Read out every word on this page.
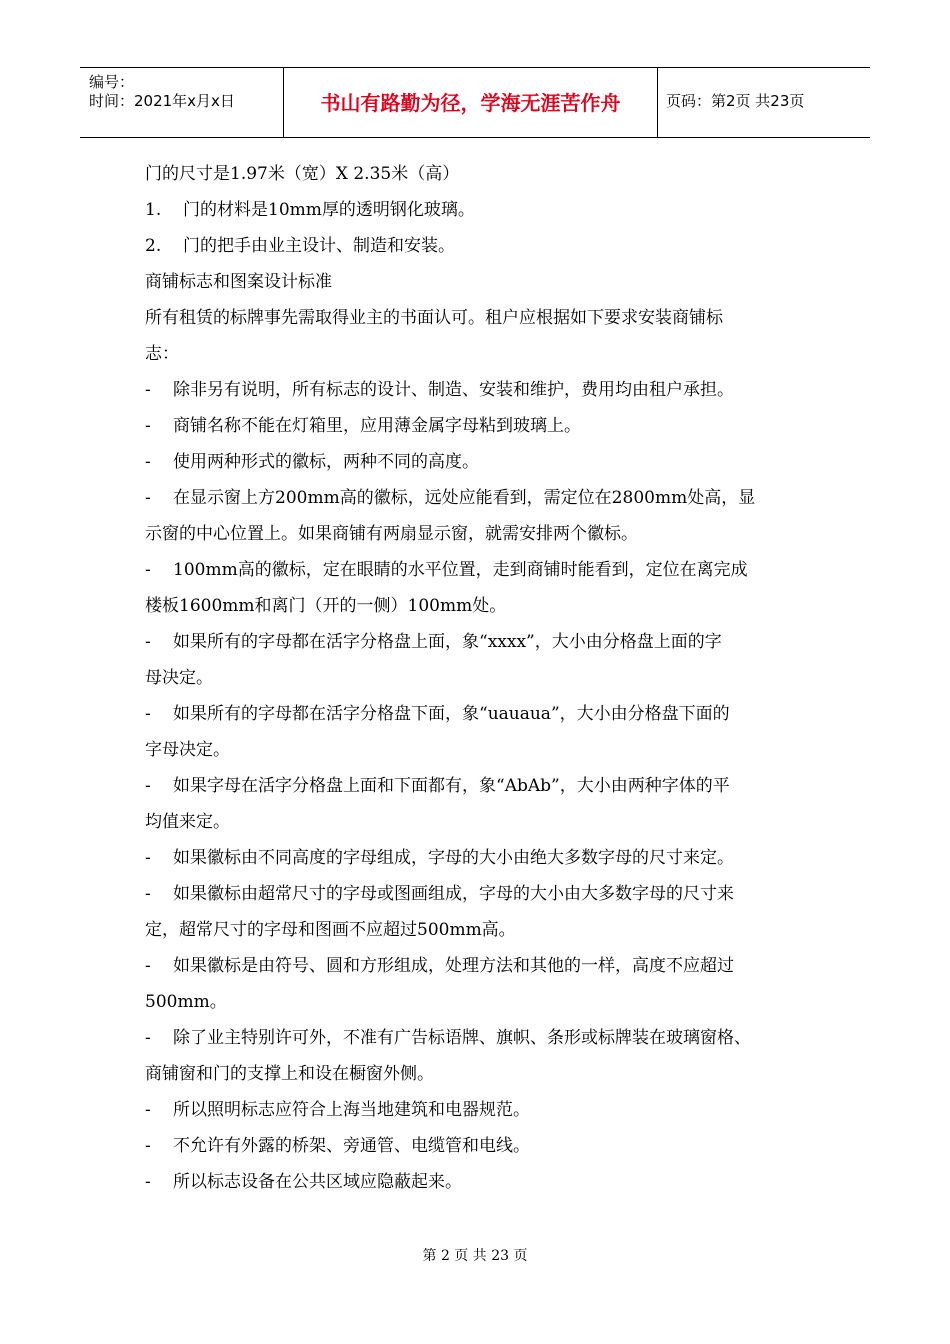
编号：
时间：2021年x月x日	书山有路勤为径，学海无涯苦作舟	页码：第2页 共23页

门的尺寸是1.97米（宽）X 2.35米（高）

1. 门的材料是10mm厚的透明钢化玻璃。

2. 门的把手由业主设计、制造和安装。

商铺标志和图案设计标准

所有租赁的标牌事先需取得业主的书面认可。租户应根据如下要求安装商铺标

志：

- 除非另有说明，所有标志的设计、制造、安装和维护，费用均由租户承担。

- 商铺名称不能在灯箱里，应用薄金属字母粘到玻璃上。

- 使用两种形式的徽标，两种不同的高度。

- 在显示窗上方200mm高的徽标，远处应能看到，需定位在2800mm处高，显

示窗的中心位置上。如果商铺有两扇显示窗，就需安排两个徽标。

- 100mm高的徽标，定在眼睛的水平位置，走到商铺时能看到，定位在离完成

楼板1600mm和离门（开的一侧）100mm处。

- 如果所有的字母都在活字分格盘上面，象“xxxx”，大小由分格盘上面的字

母决定。

- 如果所有的字母都在活字分格盘下面，象“uauaua”，大小由分格盘下面的

字母决定。

- 如果字母在活字分格盘上面和下面都有，象“AbAb”，大小由两种字体的平

均值来定。

- 如果徽标由不同高度的字母组成，字母的大小由绝大多数字母的尺寸来定。

- 如果徽标由超常尺寸的字母或图画组成，字母的大小由大多数字母的尺寸来

定，超常尺寸的字母和图画不应超过500mm高。

- 如果徽标是由符号、圆和方形组成，处理方法和其他的一样，高度不应超过

500mm。

- 除了业主特别许可外，不准有广告标语牌、旗帜、条形或标牌装在玻璃窗格、

商铺窗和门的支撑上和设在橱窗外侧。

- 所以照明标志应符合上海当地建筑和电器规范。

- 不允许有外露的桥架、旁通管、电缆管和电线。

- 所以标志设备在公共区域应隐蔽起来。

第 2 页 共 23 页
